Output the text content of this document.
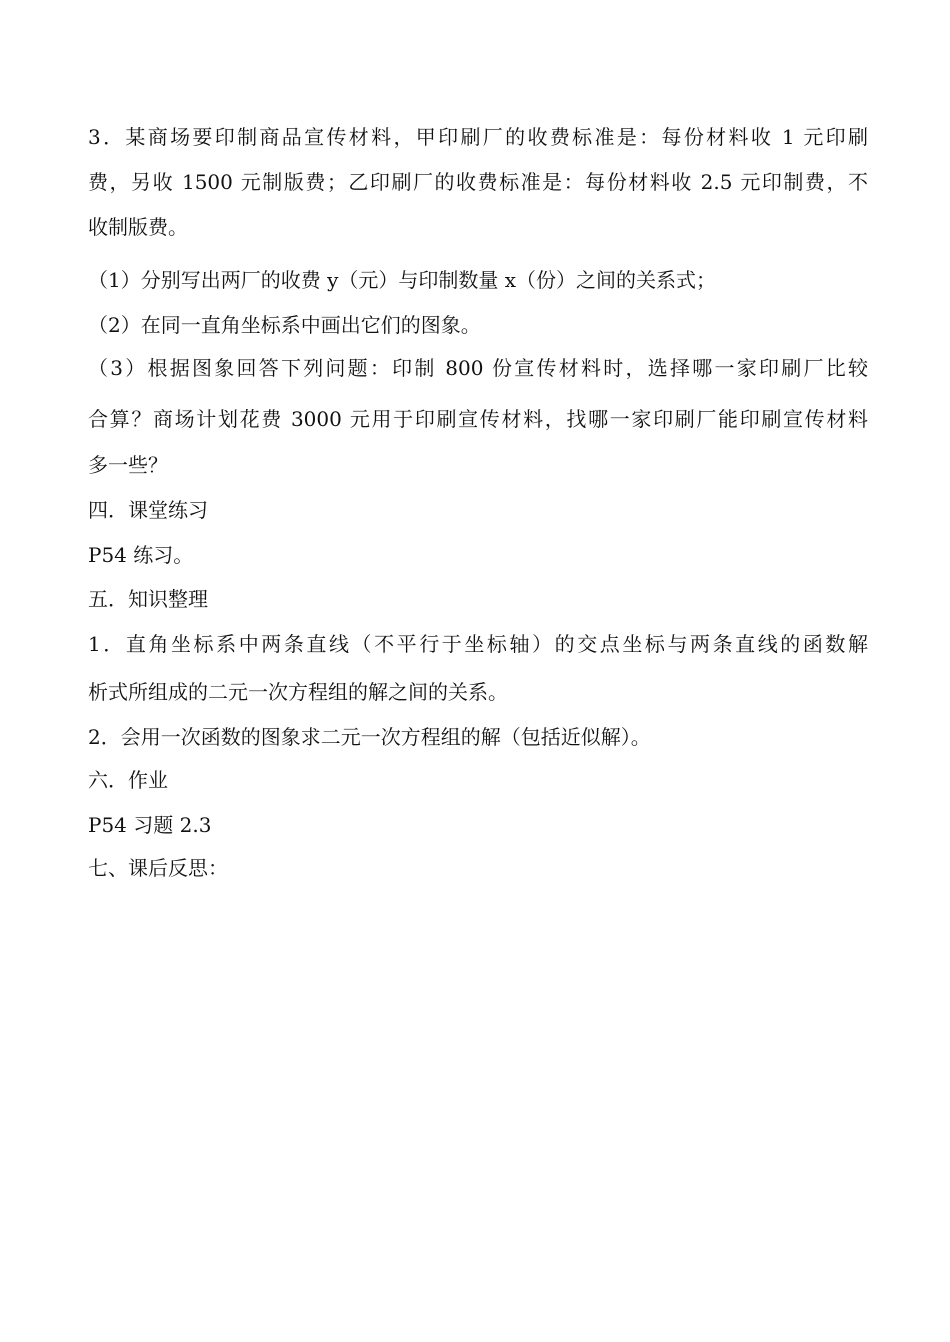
3．某商场要印制商品宣传材料，甲印刷厂的收费标准是：每份材料收 1 元印刷
费，另收 1500 元制版费；乙印刷厂的收费标准是：每份材料收 2.5 元印制费，不
收制版费。
（1）分别写出两厂的收费 y（元）与印制数量 x（份）之间的关系式；
（2）在同一直角坐标系中画出它们的图象。
（3）根据图象回答下列问题：印制 800 份宣传材料时，选择哪一家印刷厂比较
合算？商场计划花费 3000 元用于印刷宣传材料，找哪一家印刷厂能印刷宣传材料
多一些？
四．课堂练习
P54 练习。
五．知识整理
1．直角坐标系中两条直线（不平行于坐标轴）的交点坐标与两条直线的函数解
析式所组成的二元一次方程组的解之间的关系。
2．会用一次函数的图象求二元一次方程组的解（包括近似解）。
六．作业
P54 习题 2.3
七、课后反思：
